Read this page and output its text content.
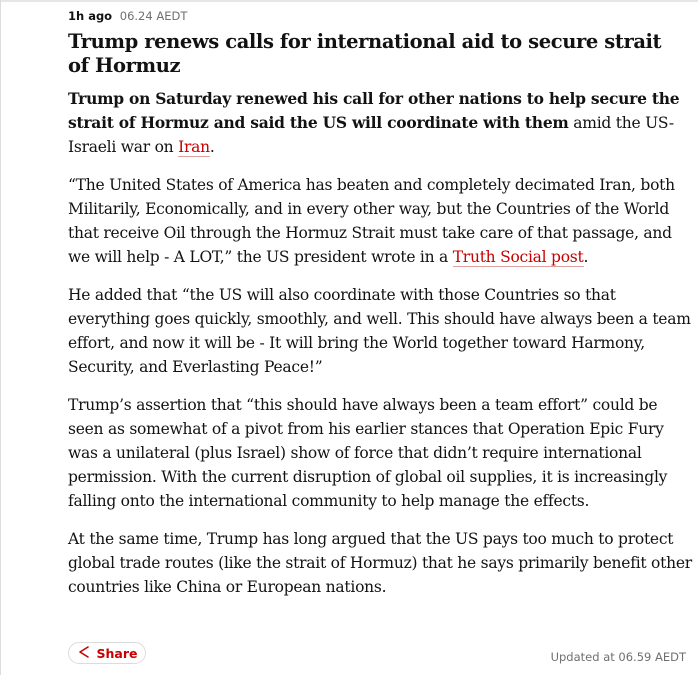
1h ago 06.24 AEDT
Trump renews calls for international aid to secure strait of Hormuz

Trump on Saturday renewed his call for other nations to help secure the strait of Hormuz and said the US will coordinate with them amid the US-Israeli war on Iran.

“The United States of America has beaten and completely decimated Iran, both Militarily, Economically, and in every other way, but the Countries of the World that receive Oil through the Hormuz Strait must take care of that passage, and we will help - A LOT,” the US president wrote in a Truth Social post.

He added that “the US will also coordinate with those Countries so that everything goes quickly, smoothly, and well. This should have always been a team effort, and now it will be - It will bring the World together toward Harmony, Security, and Everlasting Peace!”

Trump’s assertion that “this should have always been a team effort” could be seen as somewhat of a pivot from his earlier stances that Operation Epic Fury was a unilateral (plus Israel) show of force that didn’t require international permission. With the current disruption of global oil supplies, it is increasingly falling onto the international community to help manage the effects.

At the same time, Trump has long argued that the US pays too much to protect global trade routes (like the strait of Hormuz) that he says primarily benefit other countries like China or European nations.

Share	Updated at 06.59 AEDT
